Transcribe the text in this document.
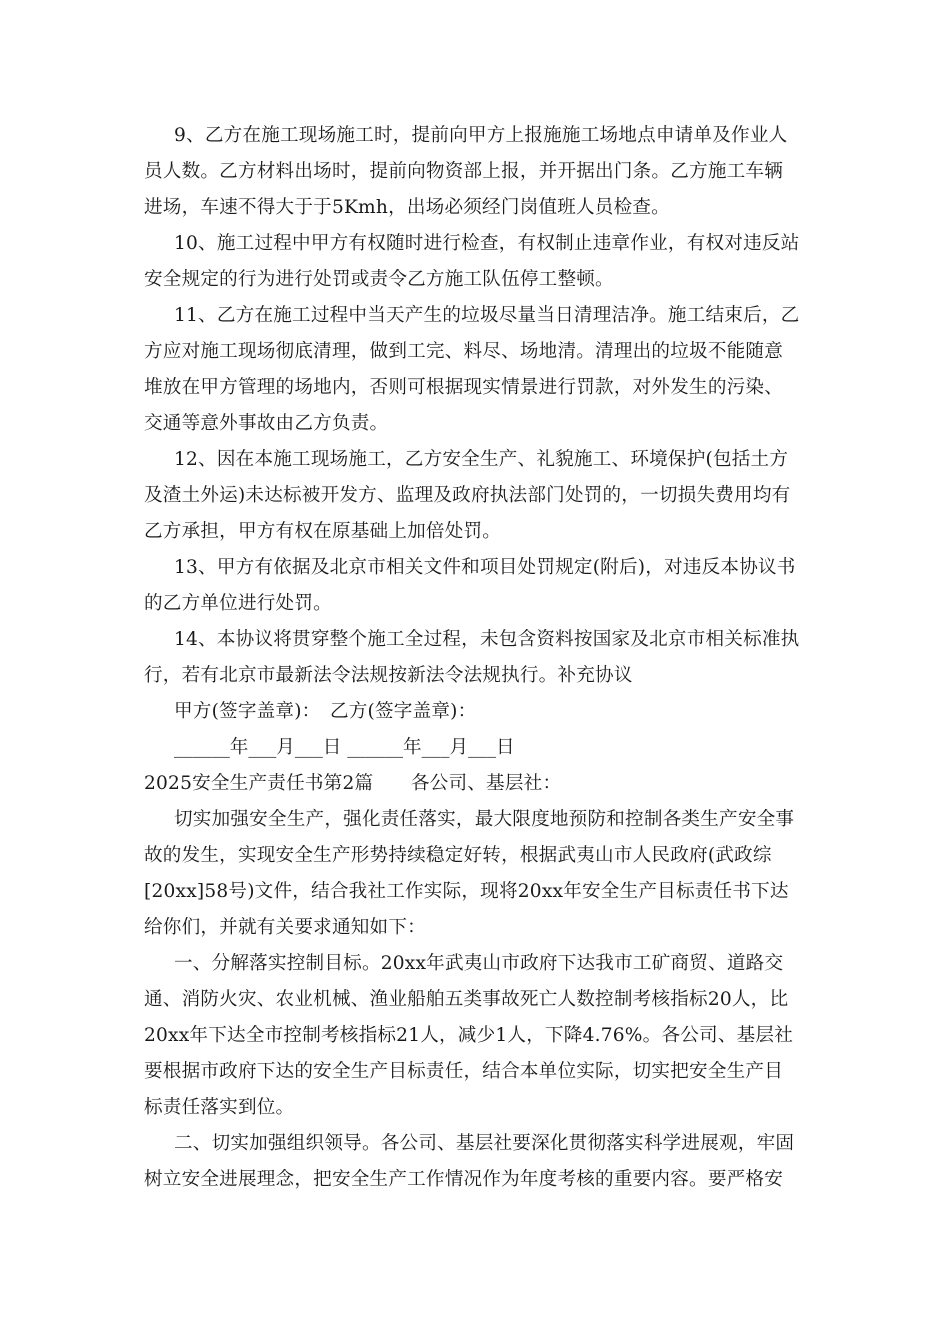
9、乙方在施工现场施工时，提前向甲方上报施施工场地点申请单及作业人
员人数。乙方材料出场时，提前向物资部上报，并开据出门条。乙方施工车辆
进场，车速不得大于于5Kmh，出场必须经门岗值班人员检查。
10、施工过程中甲方有权随时进行检查，有权制止违章作业，有权对违反站
安全规定的行为进行处罚或责令乙方施工队伍停工整顿。
11、乙方在施工过程中当天产生的垃圾尽量当日清理洁净。施工结束后，乙
方应对施工现场彻底清理，做到工完、料尽、场地清。清理出的垃圾不能随意
堆放在甲方管理的场地内，否则可根据现实情景进行罚款，对外发生的污染、
交通等意外事故由乙方负责。
12、因在本施工现场施工，乙方安全生产、礼貌施工、环境保护(包括土方
及渣土外运)未达标被开发方、监理及政府执法部门处罚的，一切损失费用均有
乙方承担，甲方有权在原基础上加倍处罚。
13、甲方有依据及北京市相关文件和项目处罚规定(附后)，对违反本协议书
的乙方单位进行处罚。
14、本协议将贯穿整个施工全过程，未包含资料按国家及北京市相关标准执
行，若有北京市最新法令法规按新法令法规执行。补充协议
甲方(签字盖章)：　乙方(签字盖章)：
______年___月___日 ______年___月___日
2025安全生产责任书第2篇　　各公司、基层社：
切实加强安全生产，强化责任落实，最大限度地预防和控制各类生产安全事
故的发生，实现安全生产形势持续稳定好转，根据武夷山市人民政府(武政综
[20xx]58号)文件，结合我社工作实际，现将20xx年安全生产目标责任书下达
给你们，并就有关要求通知如下：
一、分解落实控制目标。20xx年武夷山市政府下达我市工矿商贸、道路交
通、消防火灾、农业机械、渔业船舶五类事故死亡人数控制考核指标20人，比
20xx年下达全市控制考核指标21人，减少1人，下降4.76%。各公司、基层社
要根据市政府下达的安全生产目标责任，结合本单位实际，切实把安全生产目
标责任落实到位。
二、切实加强组织领导。各公司、基层社要深化贯彻落实科学进展观，牢固
树立安全进展理念，把安全生产工作情况作为年度考核的重要内容。要严格安
